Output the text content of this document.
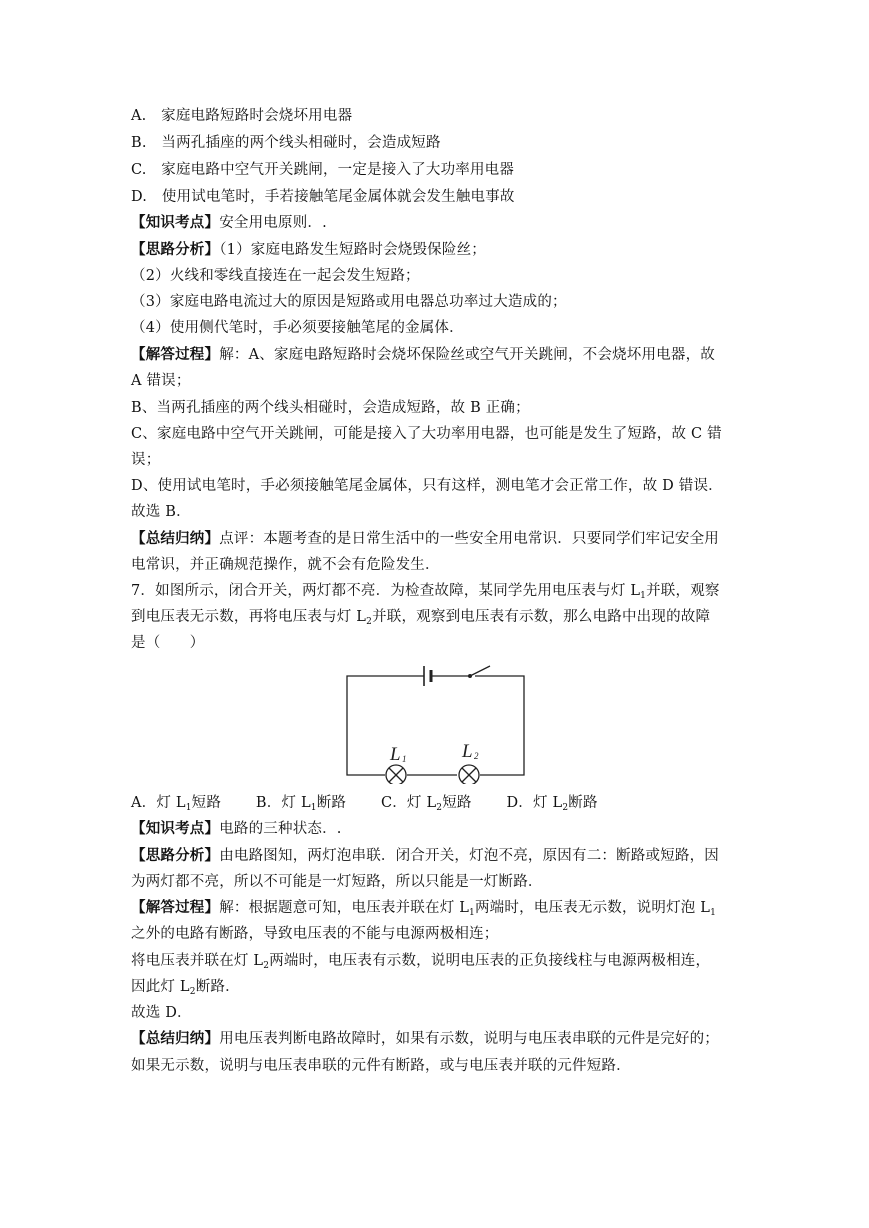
A.　家庭电路短路时会烧坏用电器
B.　当两孔插座的两个线头相碰时，会造成短路
C.　家庭电路中空气开关跳闸，一定是接入了大功率用电器
D.　使用试电笔时，手若接触笔尾金属体就会发生触电事故
【知识考点】安全用电原则．.
【思路分析】（1）家庭电路发生短路时会烧毁保险丝；
（2）火线和零线直接连在一起会发生短路；
（3）家庭电路电流过大的原因是短路或用电器总功率过大造成的；
（4）使用侧代笔时，手必须要接触笔尾的金属体．
【解答过程】解：A、家庭电路短路时会烧坏保险丝或空气开关跳闸，不会烧坏用电器，故
A 错误；
B、当两孔插座的两个线头相碰时，会造成短路，故 B 正确；
C、家庭电路中空气开关跳闸，可能是接入了大功率用电器，也可能是发生了短路，故 C 错
误；
D、使用试电笔时，手必须接触笔尾金属体，只有这样，测电笔才会正常工作，故 D 错误．
故选 B．
【总结归纳】点评：本题考查的是日常生活中的一些安全用电常识．只要同学们牢记安全用
电常识，并正确规范操作，就不会有危险发生．
7．如图所示，闭合开关，两灯都不亮．为检查故障，某同学先用电压表与灯 $L_1$并联，观察
到电压表无示数，再将电压表与灯 $L_2$并联，观察到电压表有示数，那么电路中出现的故障
是（　　）
L 1	L 2
A．灯 $L_1$短路 B．灯 $L_1$断路 C．灯 $L_2$短路 D．灯 $L_2$断路
【知识考点】电路的三种状态．.
【思路分析】由电路图知，两灯泡串联．闭合开关，灯泡不亮，原因有二：断路或短路，因
为两灯都不亮，所以不可能是一灯短路，所以只能是一灯断路．
【解答过程】解：根据题意可知，电压表并联在灯 $L_1$两端时，电压表无示数，说明灯泡 $L_1$
之外的电路有断路，导致电压表的不能与电源两极相连；
将电压表并联在灯 $L_2$两端时，电压表有示数，说明电压表的正负接线柱与电源两极相连，
因此灯 $L_2$断路．
故选 D．
【总结归纳】用电压表判断电路故障时，如果有示数，说明与电压表串联的元件是完好的；
如果无示数，说明与电压表串联的元件有断路，或与电压表并联的元件短路．
